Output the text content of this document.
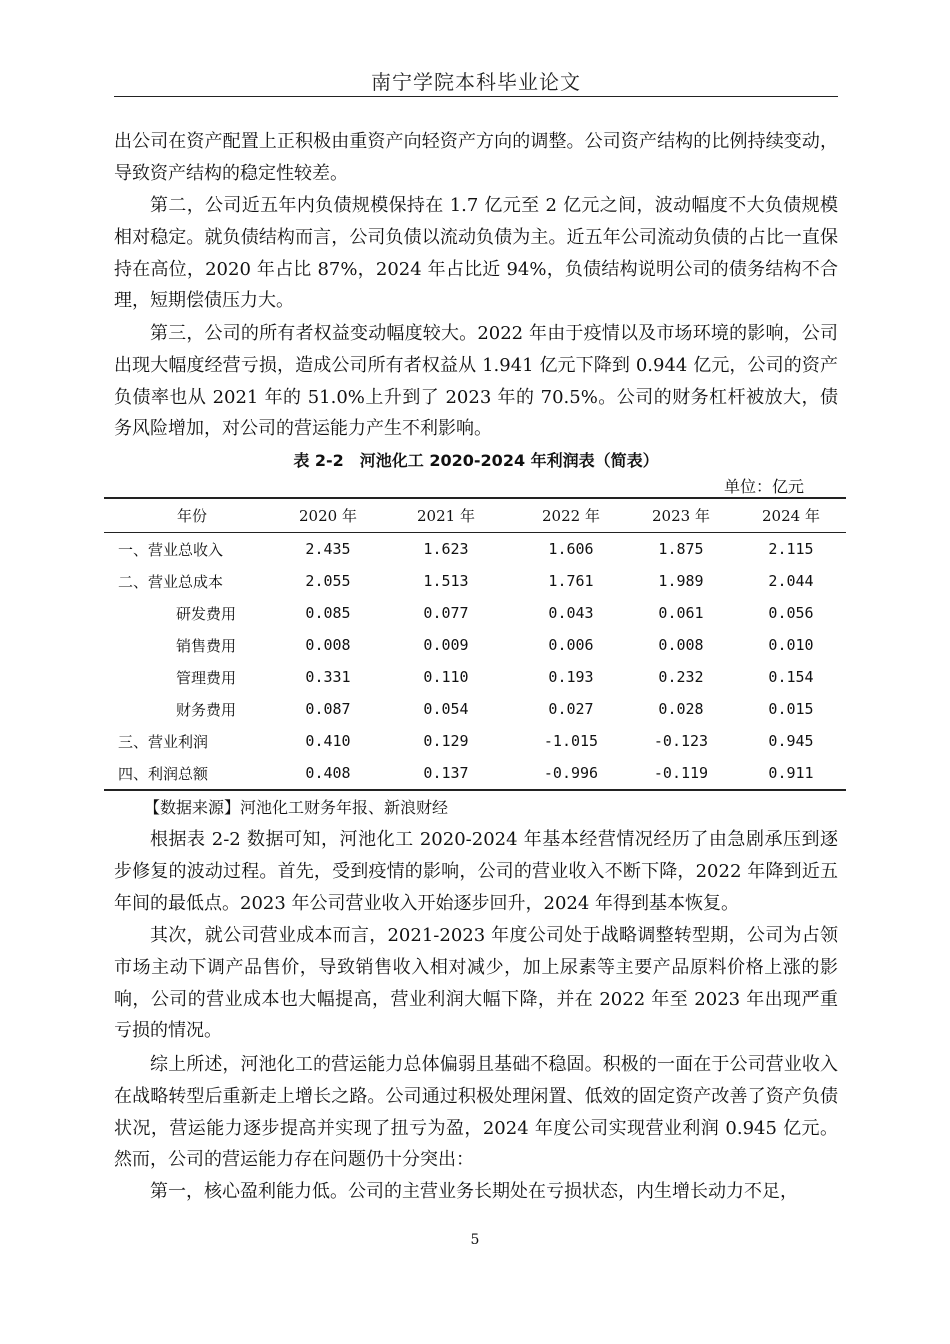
南宁学院本科毕业论文

出公司在资产配置上正积极由重资产向轻资产方向的调整。公司资产结构的比例持续变动，导致资产结构的稳定性较差。

第二，公司近五年内负债规模保持在 1.7 亿元至 2 亿元之间，波动幅度不大负债规模相对稳定。就负债结构而言，公司负债以流动负债为主。近五年公司流动负债的占比一直保持在高位，2020 年占比 87%，2024 年占比近 94%，负债结构说明公司的债务结构不合理，短期偿债压力大。

第三，公司的所有者权益变动幅度较大。2022 年由于疫情以及市场环境的影响，公司出现大幅度经营亏损，造成公司所有者权益从 1.941 亿元下降到 0.944 亿元，公司的资产负债率也从 2021 年的 51.0%上升到了 2023 年的 70.5%。公司的财务杠杆被放大，债务风险增加，对公司的营运能力产生不利影响。

表 2-2　河池化工 2020-2024 年利润表（简表）
单位：亿元
年份	2020 年	2021 年	2022 年	2023 年	2024 年
一、营业总收入	2.435	1.623	1.606	1.875	2.115
二、营业总成本	2.055	1.513	1.761	1.989	2.044
研发费用	0.085	0.077	0.043	0.061	0.056
销售费用	0.008	0.009	0.006	0.008	0.010
管理费用	0.331	0.110	0.193	0.232	0.154
财务费用	0.087	0.054	0.027	0.028	0.015
三、营业利润	0.410	0.129	-1.015	-0.123	0.945
四、利润总额	0.408	0.137	-0.996	-0.119	0.911
【数据来源】河池化工财务年报、新浪财经

根据表 2-2 数据可知，河池化工 2020-2024 年基本经营情况经历了由急剧承压到逐步修复的波动过程。首先，受到疫情的影响，公司的营业收入不断下降，2022 年降到近五年间的最低点。2023 年公司营业收入开始逐步回升，2024 年得到基本恢复。

其次，就公司营业成本而言，2021-2023 年度公司处于战略调整转型期，公司为占领市场主动下调产品售价，导致销售收入相对减少，加上尿素等主要产品原料价格上涨的影响，公司的营业成本也大幅提高，营业利润大幅下降，并在 2022 年至 2023 年出现严重亏损的情况。

综上所述，河池化工的营运能力总体偏弱且基础不稳固。积极的一面在于公司营业收入在战略转型后重新走上增长之路。公司通过积极处理闲置、低效的固定资产改善了资产负债状况，营运能力逐步提高并实现了扭亏为盈，2024 年度公司实现营业利润 0.945 亿元。然而，公司的营运能力存在问题仍十分突出：

第一，核心盈利能力低。公司的主营业务长期处在亏损状态，内生增长动力不足，

5
